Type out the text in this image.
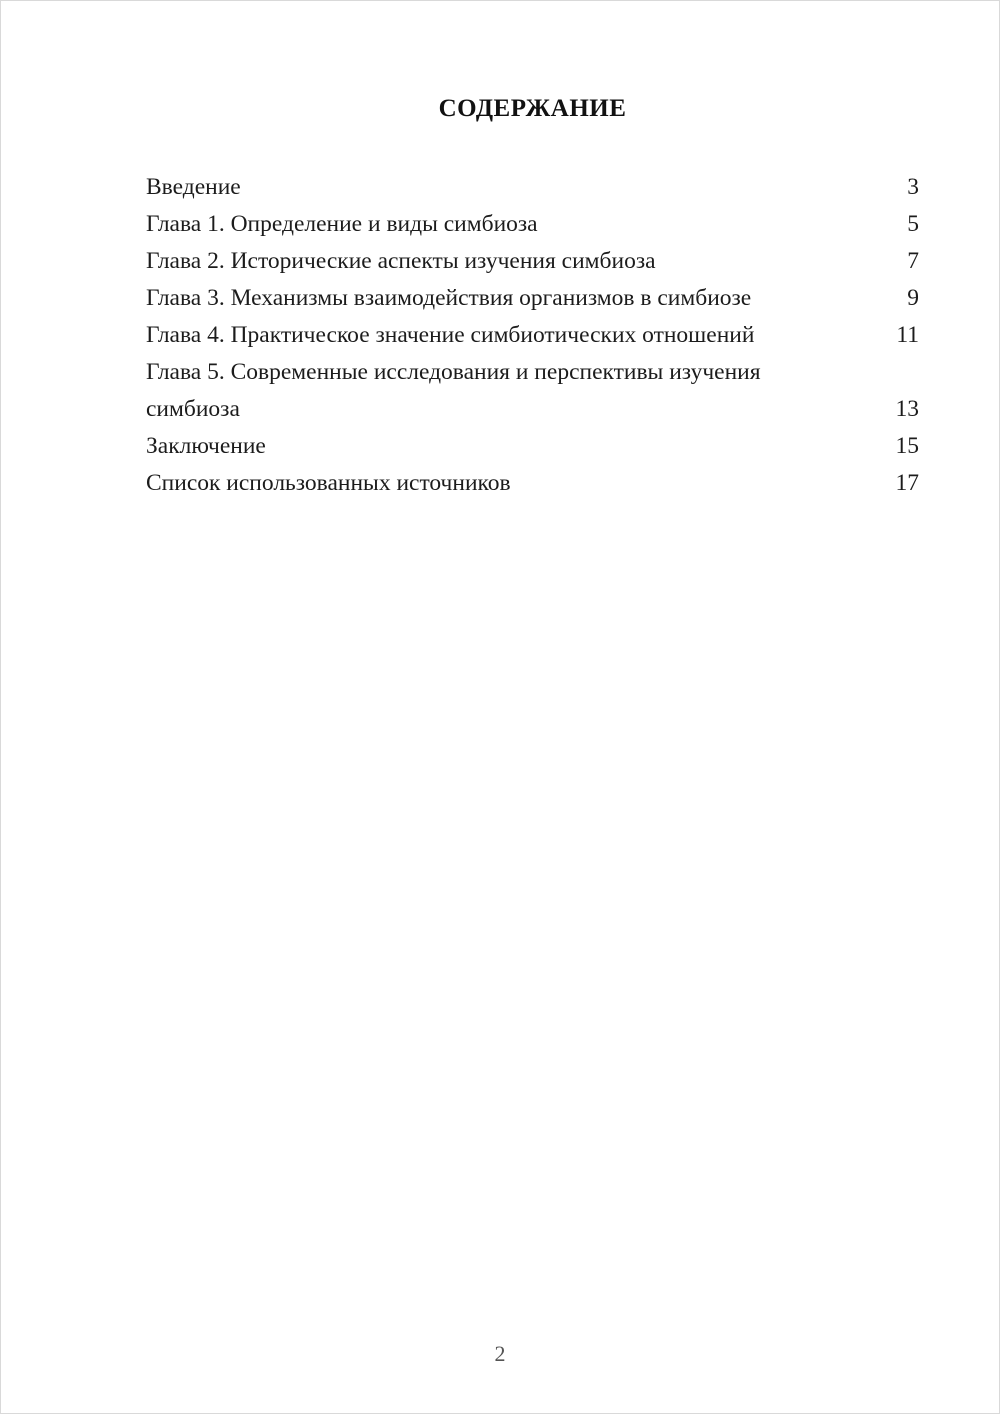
СОДЕРЖАНИЕ
Введение	3
Глава 1. Определение и виды симбиоза	5
Глава 2. Исторические аспекты изучения симбиоза	7
Глава 3. Механизмы взаимодействия организмов в симбиозе	9
Глава 4. Практическое значение симбиотических отношений	11
Глава 5. Современные исследования и перспективы изучения симбиоза	13
Заключение	15
Список использованных источников	17
2
